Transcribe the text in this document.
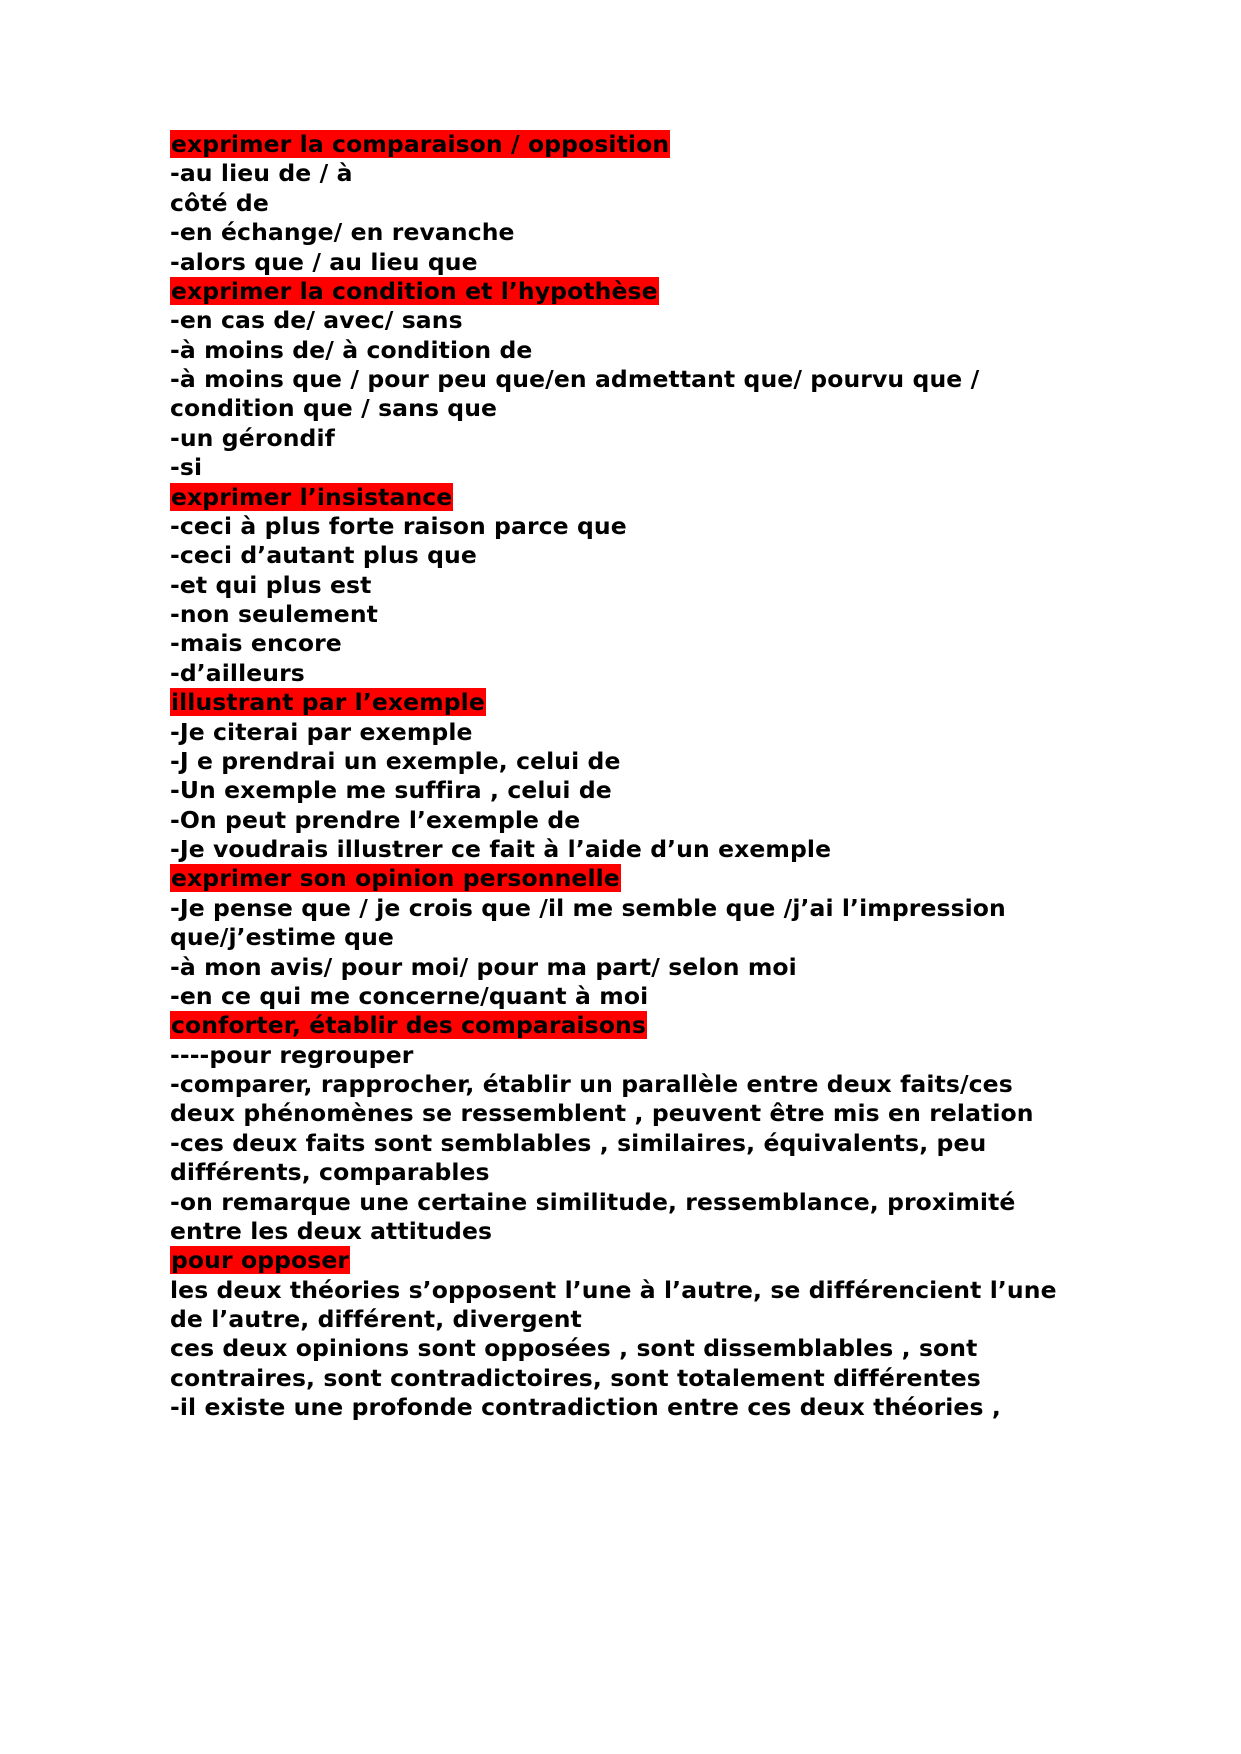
exprimer la comparaison / opposition

-au lieu de / à

côté de

-en échange/ en revanche

-alors que / au lieu que

exprimer la condition et l’hypothèse

-en cas de/ avec/ sans

-à moins de/ à condition de

-à moins que / pour peu que/en admettant que/ pourvu que / condition que / sans que

-un gérondif

-si

exprimer l’insistance

-ceci à plus forte raison parce que

-ceci d’autant plus que

-et qui plus est

-non seulement

-mais encore

-d’ailleurs

illustrant par l’exemple

-Je citerai par exemple

-J e prendrai un exemple, celui de

-Un exemple me suffira , celui de

-On peut prendre l’exemple de

-Je voudrais illustrer ce fait à l’aide d’un exemple

exprimer son opinion personnelle

-Je pense que / je crois que /il me semble que /j’ai l’impression que/j’estime que

-à mon avis/ pour moi/ pour ma part/ selon moi

-en ce qui me concerne/quant à moi

conforter, établir des comparaisons

----pour regrouper

-comparer, rapprocher, établir un parallèle entre deux faits/ces deux phénomènes se ressemblent , peuvent être mis en relation

-ces deux faits sont semblables , similaires, équivalents, peu différents, comparables

-on remarque une certaine similitude, ressemblance, proximité entre les deux attitudes

pour opposer

les deux théories s’opposent l’une à l’autre, se différencient l’une de l’autre, différent, divergent

ces deux opinions sont opposées , sont dissemblables , sont contraires, sont contradictoires, sont totalement différentes

-il existe une profonde contradiction entre ces deux théories ,
